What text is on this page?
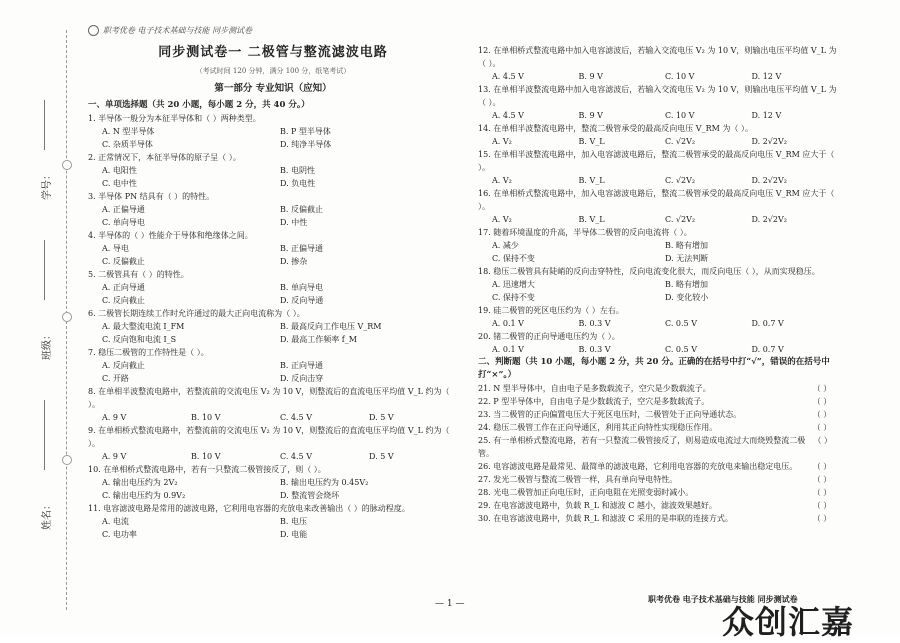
职考优卷 电子技术基础与技能 同步测试卷
学号：
班级：
姓名：
同步测试卷一 二极管与整流滤波电路
（考试时间 120 分钟，满分 100 分，纸笔考试）
第一部分 专业知识（应知）
一、单项选择题（共 20 小题，每小题 2 分，共 40 分。）
1. 半导体一般分为本征半导体和（ ）两种类型。
A. N 型半导体	B. P 型半导体
C. 杂质半导体	D. 纯净半导体
2. 正常情况下，本征半导体的原子呈（ ）。
A. 电阳性	B. 电阴性
C. 电中性	D. 负电性
3. 半导体 PN 结具有（ ）的特性。
A. 正偏导通	B. 反偏截止
C. 单向导电	D. 中性
4. 半导体的（ ）性能介于导体和绝缘体之间。
A. 导电	B. 正偏导通
C. 反偏截止	D. 掺杂
5. 二极管具有（ ）的特性。
A. 正向导通	B. 单向导电
C. 反向截止	D. 反向导通
6. 二极管长期连续工作时允许通过的最大正向电流称为（ ）。
A. 最大整流电流 I_FM	B. 最高反向工作电压 V_RM
C. 反向饱和电流 I_S	D. 最高工作频率 f_M
7. 稳压二极管的工作特性是（ ）。
A. 反向截止	B. 正向导通
C. 开路	D. 反向击穿
8. 在单相半波整流电路中，若整流前的交流电压 V₂ 为 10 V，则整流后的直流电压平均值 V_L 约为（ ）。
A. 9 V	B. 10 V	C. 4.5 V	D. 5 V
9. 在单相桥式整流电路中，若整流前的交流电压 V₂ 为 10 V，则整流后的直流电压平均值 V_L 约为（ ）。
A. 9 V	B. 10 V	C. 4.5 V	D. 5 V
10. 在单相桥式整流电路中，若有一只整流二极管接反了，则（ ）。
A. 输出电压约为 2V₂	B. 输出电压约为 0.45V₂
C. 输出电压约为 0.9V₂	D. 整流管会烧坏
11. 电容滤波电路是常用的滤波电路，它利用电容器的充放电来改善输出（ ）的脉动程度。
A. 电流	B. 电压
C. 电功率	D. 电能
12. 在单相桥式整流电路中加入电容滤波后，若输入交流电压 V₂ 为 10 V，则输出电压平均值 V_L 为（ ）。
A. 4.5 V	B. 9 V	C. 10 V	D. 12 V
13. 在单相半波整流电路中加入电容滤波后，若输入交流电压 V₂ 为 10 V，则输出电压平均值 V_L 为（ ）。
A. 4.5 V	B. 9 V	C. 10 V	D. 12 V
14. 在单相半波整流电路中，整流二极管承受的最高反向电压 V_RM 为（ ）。
A. V₂	B. V_L	C. √2V₂	D. 2√2V₂
15. 在单相半波整流电路中，加入电容滤波电路后，整流二极管承受的最高反向电压 V_RM 应大于（ ）。
A. V₂	B. V_L	C. √2V₂	D. 2√2V₂
16. 在单相桥式整流电路中，加入电容滤波电路后，整流二极管承受的最高反向电压 V_RM 应大于（ ）。
A. V₂	B. V_L	C. √2V₂	D. 2√2V₂
17. 随着环境温度的升高，半导体二极管的反向电流将（ ）。
A. 减少	B. 略有增加
C. 保持不变	D. 无法判断
18. 稳压二极管具有陡峭的反向击穿特性，反向电流变化很大，而反向电压（ ），从而实现稳压。
A. 迅速增大	B. 略有增加
C. 保持不变	D. 变化较小
19. 硅二极管的死区电压约为（ ）左右。
A. 0.1 V	B. 0.3 V	C. 0.5 V	D. 0.7 V
20. 锗二极管的正向导通电压约为（ ）。
A. 0.1 V	B. 0.3 V	C. 0.5 V	D. 0.7 V
二、判断题（共 10 小题，每小题 2 分，共 20 分。正确的在括号中打“√”，错误的在括号中打“×”。）
21. N 型半导体中，自由电子是多数载流子，空穴是少数载流子。	（ ）
22. P 型半导体中，自由电子是少数载流子，空穴是多数载流子。	（ ）
23. 当二极管的正向偏置电压大于死区电压时，二极管处于正向导通状态。	（ ）
24. 稳压二极管工作在正向导通区，利用其正向特性实现稳压作用。	（ ）
25. 有一单相桥式整流电路，若有一只整流二极管接反了，则易造成电流过大而烧毁整流二极管。
（ ）
26. 电容滤波电路是最常见、最简单的滤波电路，它利用电容器的充放电来输出稳定电压。	（ ）
27. 发光二极管与整流二极管一样，具有单向导电特性。	（ ）
28. 光电二极管加正向电压时，正向电阻在光照变弱时减小。	（ ）
29. 在电容滤波电路中，负载 R_L 和滤波 C 越小，滤波效果越好。	（ ）
30. 在电容滤波电路中，负载 R_L 和滤波 C 采用的是串联的连接方式。	（ ）
— 1 —	职考优卷 电子技术基础与技能 同步测试卷
众创汇嘉
